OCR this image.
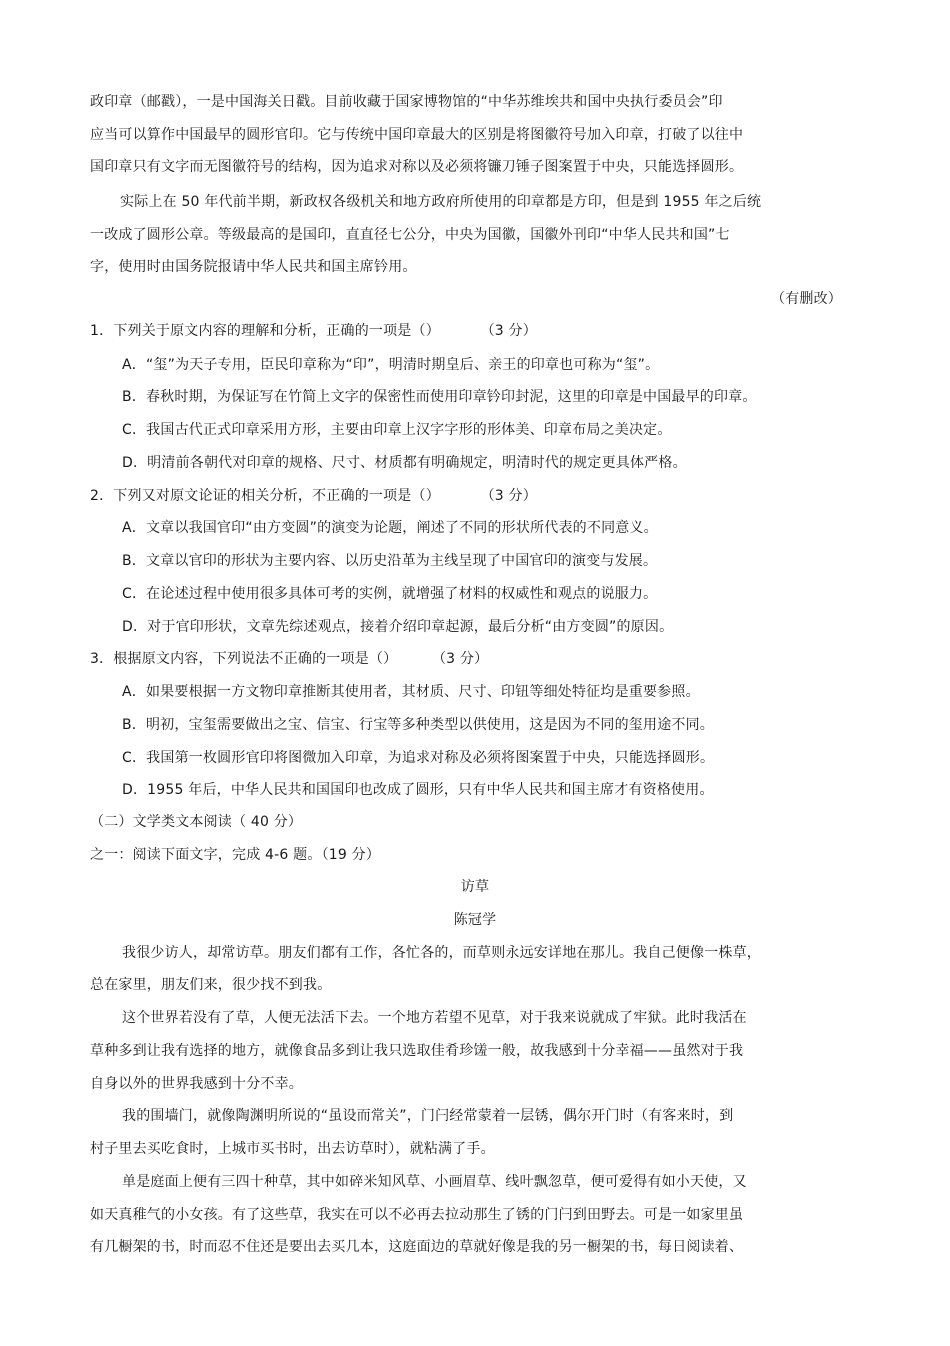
政印章（邮戳），一是中国海关日戳。目前收藏于国家博物馆的“中华苏维埃共和国中央执行委员会”印
应当可以算作中国最早的圆形官印。它与传统中国印章最大的区别是将图徽符号加入印章，打破了以往中
国印章只有文字而无图徽符号的结构，因为追求对称以及必须将镰刀锤子图案置于中央，只能选择圆形。
实际上在 50 年代前半期，新政权各级机关和地方政府所使用的印章都是方印，但是到 1955 年之后统
一改成了圆形公章。等级最高的是国印，直直径七公分，中央为国徽，国徽外刊印“中华人民共和国”七
字，使用时由国务院报请中华人民共和国主席钤用。
（有删改）
1．下列关于原文内容的理解和分析，正确的一项是（）	（3 分）
A．“玺”为天子专用，臣民印章称为“印”，明清时期皇后、亲王的印章也可称为“玺”。
B．春秋时期，为保证写在竹简上文字的保密性而使用印章钤印封泥，这里的印章是中国最早的印章。
C．我国古代正式印章采用方形，主要由印章上汉字字形的形体美、印章布局之美决定。
D．明清前各朝代对印章的规格、尺寸、材质都有明确规定，明清时代的规定更具体严格。
2．下列又对原文论证的相关分析，不正确的一项是（）	（3 分）
A．文章以我国官印“由方变圆”的演变为论题，阐述了不同的形状所代表的不同意义。
B．文章以官印的形状为主要内容、以历史沿革为主线呈现了中国官印的演变与发展。
C．在论述过程中使用很多具体可考的实例，就增强了材料的权威性和观点的说服力。
D．对于官印形状，文章先综述观点，接着介绍印章起源，最后分析“由方变圆”的原因。
3．根据原文内容，下列说法不正确的一项是（） （3 分）
A．如果要根据一方文物印章推断其使用者，其材质、尺寸、印钮等细处特征均是重要参照。
B．明初，宝玺需要做出之宝、信宝、行宝等多种类型以供使用，这是因为不同的玺用途不同。
C．我国第一枚圆形官印将图微加入印章，为追求对称及必须将图案置于中央，只能选择圆形。
D．1955 年后，中华人民共和国国印也改成了圆形，只有中华人民共和国主席才有资格使用。
（二）文学类文本阅读（ 40 分）
之一：阅读下面文字，完成 4-6 题。（19 分）
访草
陈冠学
我很少访人，却常访草。朋友们都有工作，各忙各的，而草则永远安详地在那儿。我自己便像一株草，
总在家里，朋友们来，很少找不到我。
这个世界若没有了草，人便无法活下去。一个地方若望不见草，对于我来说就成了牢狱。此时我活在
草种多到让我有选择的地方，就像食品多到让我只选取佳肴珍馐一般，故我感到十分幸福——虽然对于我
自身以外的世界我感到十分不幸。
我的围墙门，就像陶渊明所说的“虽设而常关”，门闩经常蒙着一层锈，偶尔开门时（有客来时，到
村子里去买吃食时，上城市买书时，出去访草时），就粘满了手。
单是庭面上便有三四十种草，其中如碎米知风草、小画眉草、线叶飘忽草，便可爱得有如小天使，又
如天真稚气的小女孩。有了这些草，我实在可以不必再去拉动那生了锈的门闩到田野去。可是一如家里虽
有几橱架的书，时而忍不住还是要出去买几本，这庭面边的草就好像是我的另一橱架的书，每日阅读着、
